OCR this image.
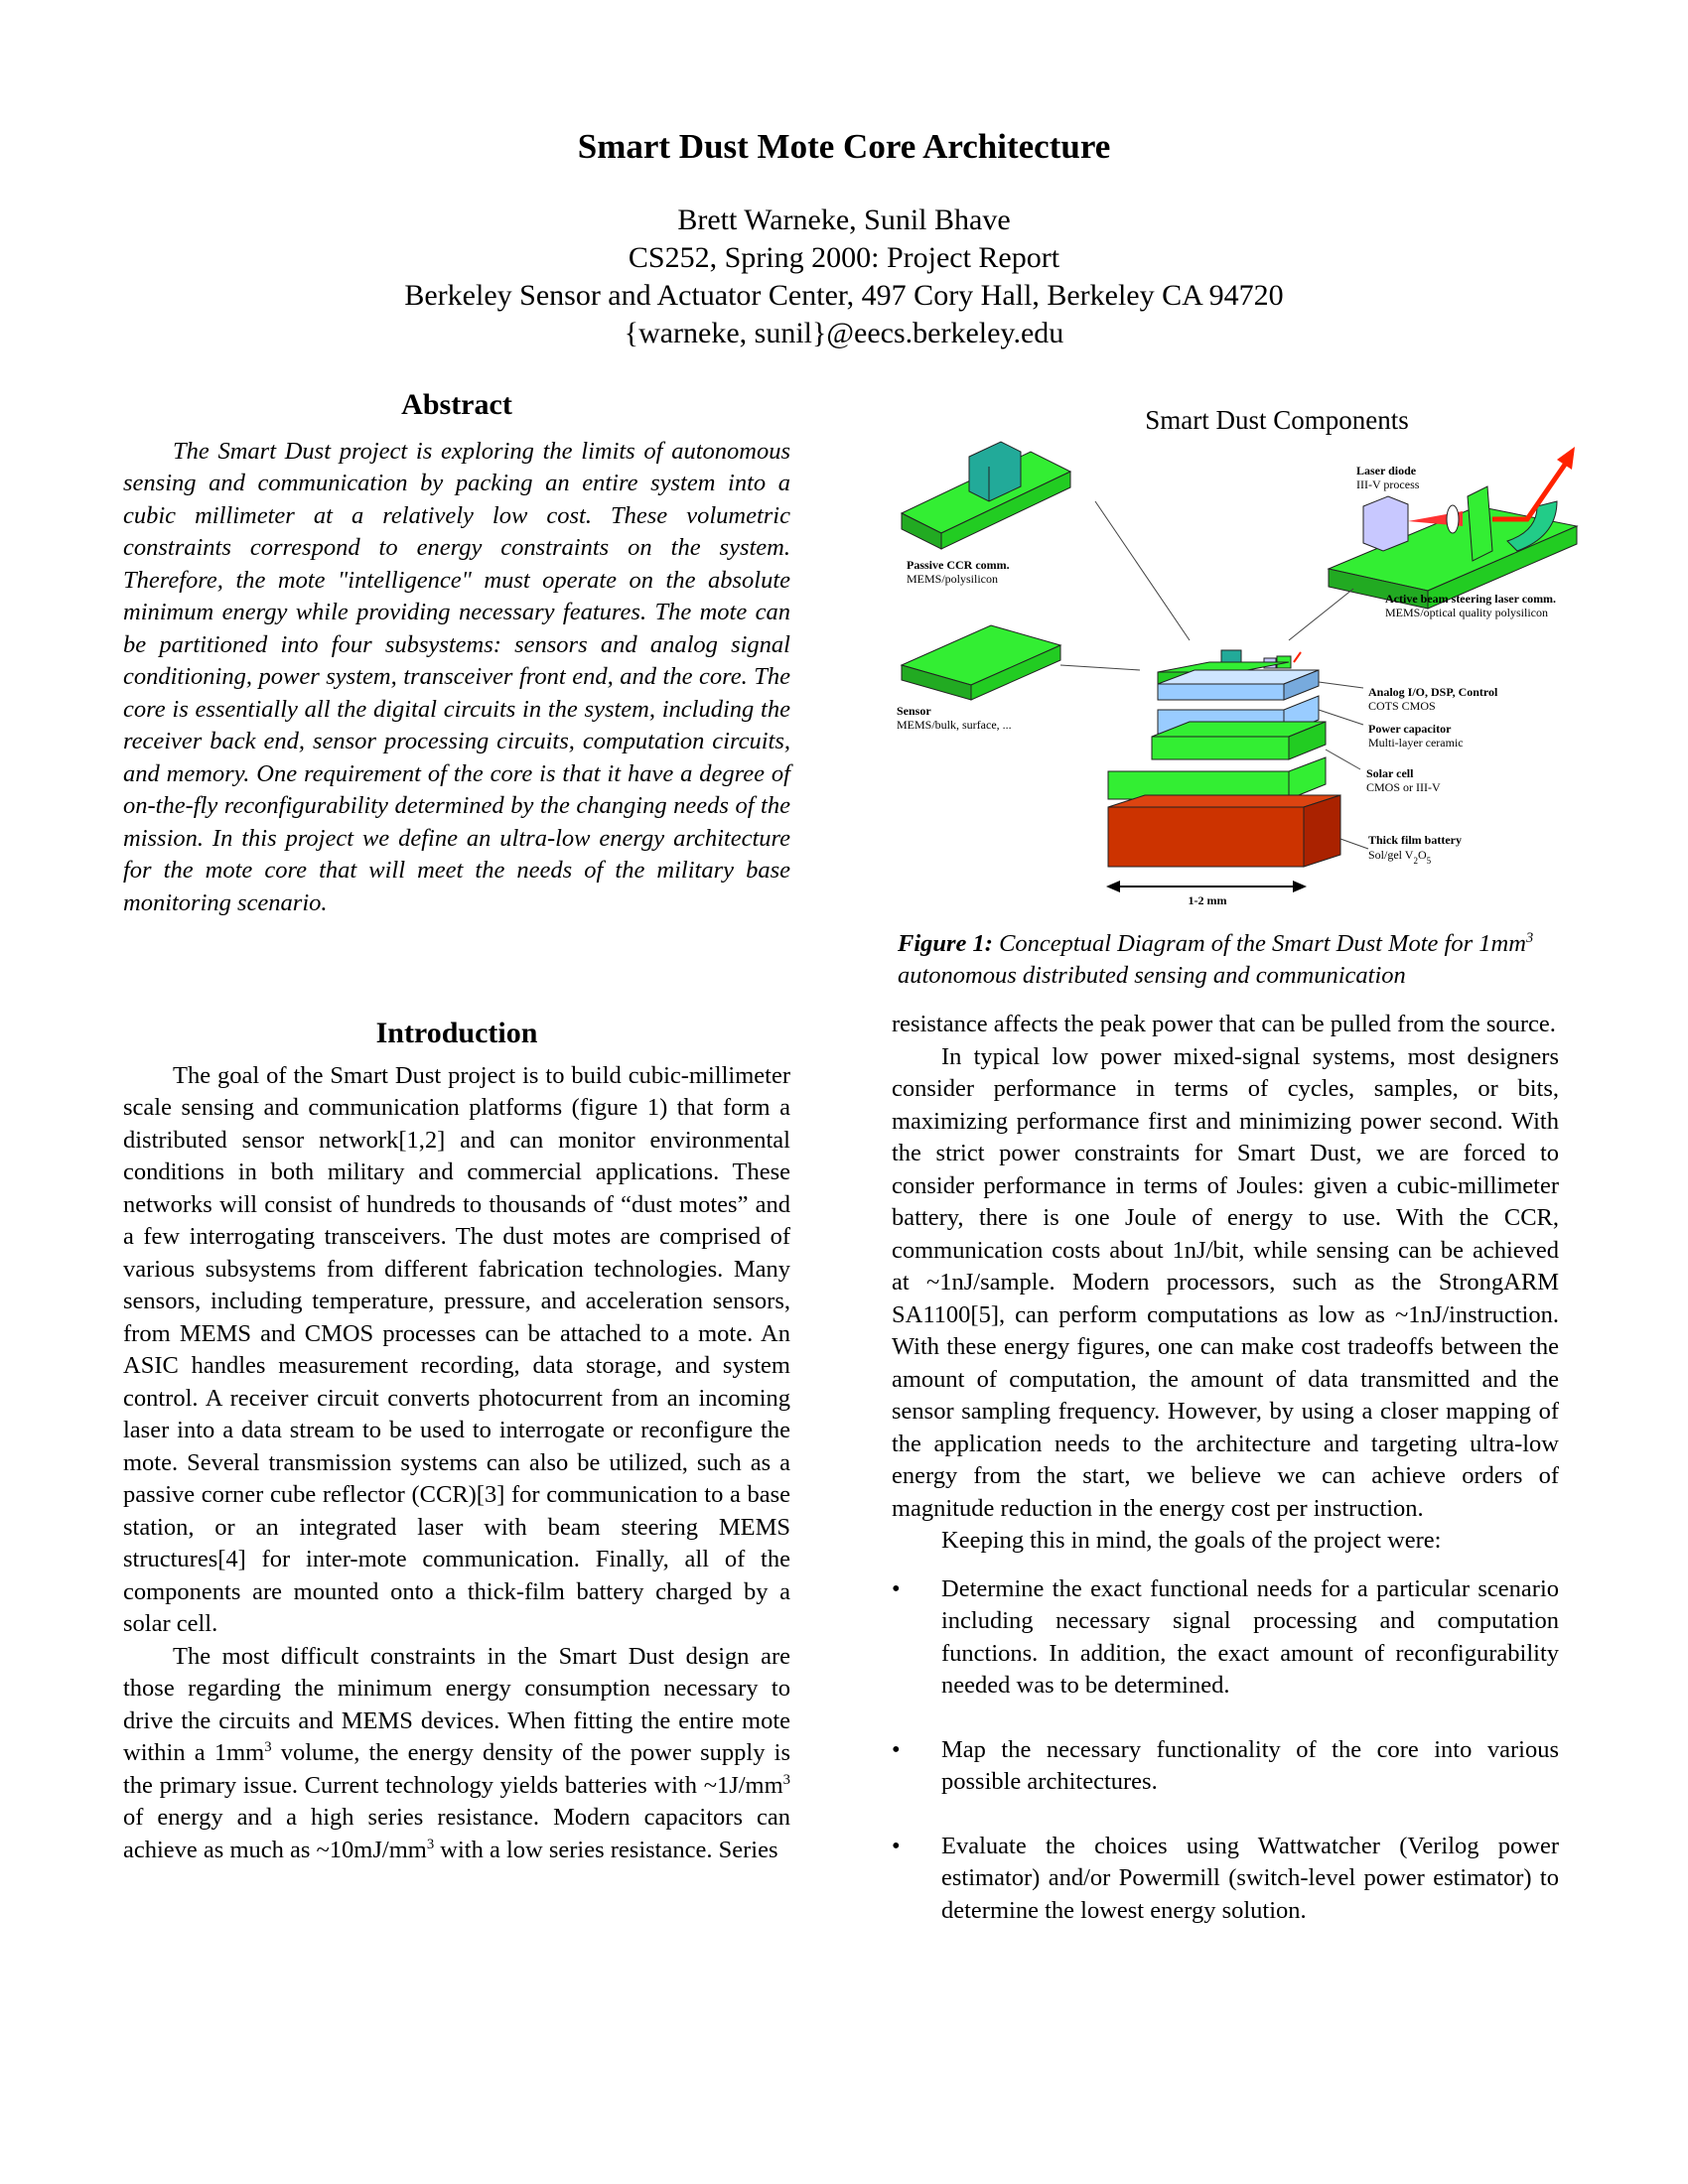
Smart Dust Mote Core Architecture
Brett Warneke, Sunil Bhave
CS252, Spring 2000: Project Report
Berkeley Sensor and Actuator Center, 497 Cory Hall, Berkeley CA 94720
{warneke, sunil}@eecs.berkeley.edu
Abstract

The Smart Dust project is exploring the limits of autonomous sensing and communication by packing an entire system into a cubic millimeter at a relatively low cost. These volumetric constraints correspond to energy constraints on the system. Therefore, the mote "intelligence" must operate on the absolute minimum energy while providing necessary features. The mote can be partitioned into four subsystems: sensors and analog signal conditioning, power system, transceiver front end, and the core. The core is essentially all the digital circuits in the system, including the receiver back end, sensor processing circuits, computation circuits, and memory. One requirement of the core is that it have a degree of on-the-fly reconfigurability determined by the changing needs of the mission. In this project we define an ultra-low energy architecture for the mote core that will meet the needs of the military base monitoring scenario.

Introduction

The goal of the Smart Dust project is to build cubic-millimeter scale sensing and communication platforms (figure 1) that form a distributed sensor network[1,2] and can monitor environmental conditions in both military and commercial applications. These networks will consist of hundreds to thousands of “dust motes” and a few interrogating transceivers. The dust motes are comprised of various subsystems from different fabrication technologies. Many sensors, including temperature, pressure, and acceleration sensors, from MEMS and CMOS processes can be attached to a mote. An ASIC handles measurement recording, data storage, and system control. A receiver circuit converts photocurrent from an incoming laser into a data stream to be used to interrogate or reconfigure the mote. Several transmission systems can also be utilized, such as a passive corner cube reflector (CCR)[3] for communication to a base station, or an integrated laser with beam steering MEMS structures[4] for inter-mote communication. Finally, all of the components are mounted onto a thick-film battery charged by a solar cell.

The most difficult constraints in the Smart Dust design are those regarding the minimum energy consumption necessary to drive the circuits and MEMS devices. When fitting the entire mote within a $1mm^3$ volume, the energy density of the power supply is the primary issue. Current technology yields batteries with $\sim 1J/mm^3$ of energy and a high series resistance. Modern capacitors can achieve as much as $\sim 10mJ/mm^3$ with a low series resistance. Series

Smart Dust Components
Passive CCR comm.
MEMS/polysilicon
Sensor
MEMS/bulk, surface, ...
Laser diode
III-V process
Active beam steering laser comm.
MEMS/optical quality polysilicon
Analog I/O, DSP, Control
COTS CMOS
Power capacitor
Multi-layer ceramic
Solar cell
CMOS or III-V
Thick film battery
Sol/gel $V_2O_5$
1-2 mm
Figure 1: Conceptual Diagram of the Smart Dust Mote for $1mm^3$ autonomous distributed sensing and communication

resistance affects the peak power that can be pulled from the source.

In typical low power mixed-signal systems, most designers consider performance in terms of cycles, samples, or bits, maximizing performance first and minimizing power second. With the strict power constraints for Smart Dust, we are forced to consider performance in terms of Joules: given a cubic-millimeter battery, there is one Joule of energy to use. With the CCR, communication costs about 1nJ/bit, while sensing can be achieved at ~1nJ/sample. Modern processors, such as the StrongARM SA1100[5], can perform computations as low as ~1nJ/instruction. With these energy figures, one can make cost tradeoffs between the amount of computation, the amount of data transmitted and the sensor sampling frequency. However, by using a closer mapping of the application needs to the architecture and targeting ultra-low energy from the start, we believe we can achieve orders of magnitude reduction in the energy cost per instruction.

Keeping this in mind, the goals of the project were:

• Determine the exact functional needs for a particular scenario including necessary signal processing and computation functions. In addition, the exact amount of reconfigurability needed was to be determined.
• Map the necessary functionality of the core into various possible architectures.
• Evaluate the choices using Wattwatcher (Verilog power estimator) and/or Powermill (switch-level power estimator) to determine the lowest energy solution.
